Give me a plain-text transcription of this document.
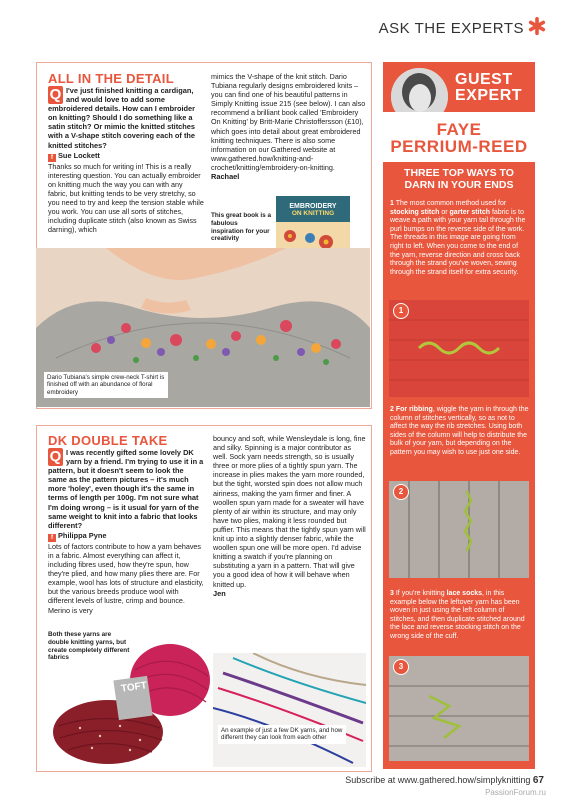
ASK THE EXPERTS
ALL IN THE DETAIL
Q I've just finished knitting a cardigan, and would love to add some embroidered details. How can I embroider on knitting? Should I do something like a satin stitch? Or mimic the knitted stitches with a V-shape stitch covering each of the knitted stitches?
f Sue Lockett
Thanks so much for writing in! This is a really interesting question. You can actually embroider on knitting much the way you can with any fabric, but knitting tends to be very stretchy, so you need to try and keep the tension stable while you work. You can use all sorts of stitches, including duplicate stitch (also known as Swiss darning), which
mimics the V-shape of the knit stitch. Dario Tubiana regularly designs embroidered knits – you can find one of his beautiful patterns in Simply Knitting issue 215 (see below). I can also recommend a brilliant book called 'Embroidery On Knitting' by Britt-Marie Christoffersson (£10), which goes into detail about great embroidered knitting techniques. There is also some information on our Gathered website at www.gathered.how/knitting-and-crochet/knitting/embroidery-on-knitting.
Rachael
This great book is a fabulous inspiration for your creativity
EMBROIDERY
ON KNITTING
Dario Tubiana's simple crew-neck T-shirt is finished off with an abundance of floral embroidery
DK DOUBLE TAKE
Q I was recently gifted some lovely DK yarn by a friend. I'm trying to use it in a pattern, but it doesn't seem to look the same as the pattern pictures – it's much more 'holey', even though it's the same in terms of length per 100g. I'm not sure what I'm doing wrong – is it usual for yarn of the same weight to knit into a fabric that looks different?
f Philippa Pyne
Lots of factors contribute to how a yarn behaves in a fabric. Almost everything can affect it, including fibres used, how they're spun, how they're plied, and how many plies there are. For example, wool has lots of structure and elasticity, but the various breeds produce wool with different levels of lustre, crimp and bounce. Merino is very
bouncy and soft, while Wensleydale is long, fine and silky. Spinning is a major contributor as well. Sock yarn needs strength, so is usually three or more plies of a tightly spun yarn. The increase in plies makes the yarn more rounded, but the tight, worsted spin does not allow much airiness, making the yarn firmer and finer. A woollen spun yarn made for a sweater will have plenty of air within its structure, and may only have two plies, making it less rounded but puffier. This means that the tightly spun yarn will knit up into a slightly denser fabric, while the woollen spun one will be more open. I'd advise knitting a swatch if you're planning on substituting a yarn in a pattern. That will give you a good idea of how it will behave when knitted up.
Jen
Both these yarns are double knitting yarns, but create completely different fabrics
TOFT
An example of just a few DK yarns, and how different they can look from each other
GUEST
EXPERT
FAYE
PERRIUM-REED
THREE TOP WAYS TO DARN IN YOUR ENDS
1 The most common method used for stocking stitch or garter stitch fabric is to weave a path with your yarn tail through the purl bumps on the reverse side of the work. The threads in this image are going from right to left. When you come to the end of the yarn, reverse direction and cross back through the strand you've woven, sewing through the strand itself for extra security.
1
2 For ribbing, wiggle the yarn in through the column of stitches vertically, so as not to affect the way the rib stretches. Using both sides of the column will help to distribute the bulk of your yarn, but depending on the pattern you may wish to use just one side.
2
3 If you're knitting lace socks, in this example below the leftover yarn has been woven in just using the left column of stitches, and then duplicate stitched around the lace and reverse stocking stitch on the wrong side of the cuff.
3
Subscribe at www.gathered.how/simplyknitting 67
PassionForum.ru
